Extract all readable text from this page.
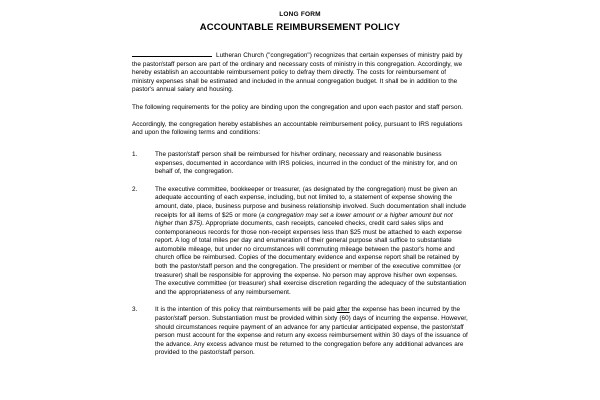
LONG FORM
ACCOUNTABLE REIMBURSEMENT POLICY

Lutheran Church ("congregation") recognizes that certain expenses of ministry paid by the pastor/staff person are part of the ordinary and necessary costs of ministry in this congregation. Accordingly, we hereby establish an accountable reimbursement policy to defray them directly. The costs for reimbursement of ministry expenses shall be estimated and included in the annual congregation budget. It shall be in addition to the pastor's annual salary and housing.

The following requirements for the policy are binding upon the congregation and upon each pastor and staff person.

Accordingly, the congregation hereby establishes an accountable reimbursement policy, pursuant to IRS regulations and upon the following terms and conditions:

1.	The pastor/staff person shall be reimbursed for his/her ordinary, necessary and reasonable business expenses, documented in accordance with IRS policies, incurred in the conduct of the ministry for, and on behalf of, the congregation.
2.	The executive committee, bookkeeper or treasurer, (as designated by the congregation) must be given an adequate accounting of each expense, including, but not limited to, a statement of expense showing the amount, date, place, business purpose and business relationship involved. Such documentation shall include receipts for all items of $25 or more (a congregation may set a lower amount or a higher amount but not higher than $75). Appropriate documents, cash receipts, canceled checks, credit card sales slips and contemporaneous records for those non-receipt expenses less than $25 must be attached to each expense report. A log of total miles per day and enumeration of their general purpose shall suffice to substantiate automobile mileage, but under no circumstances will commuting mileage between the pastor's home and church office be reimbursed. Copies of the documentary evidence and expense report shall be retained by both the pastor/staff person and the congregation. The president or member of the executive committee (or treasurer) shall be responsible for approving the expense. No person may approve his/her own expenses. The executive committee (or treasurer) shall exercise discretion regarding the adequacy of the substantiation and the appropriateness of any reimbursement.
3.	It is the intention of this policy that reimbursements will be paid after the expense has been incurred by the pastor/staff person. Substantiation must be provided within sixty (60) days of incurring the expense. However, should circumstances require payment of an advance for any particular anticipated expense, the pastor/staff person must account for the expense and return any excess reimbursement within 30 days of the issuance of the advance. Any excess advance must be returned to the congregation before any additional advances are provided to the pastor/staff person.
